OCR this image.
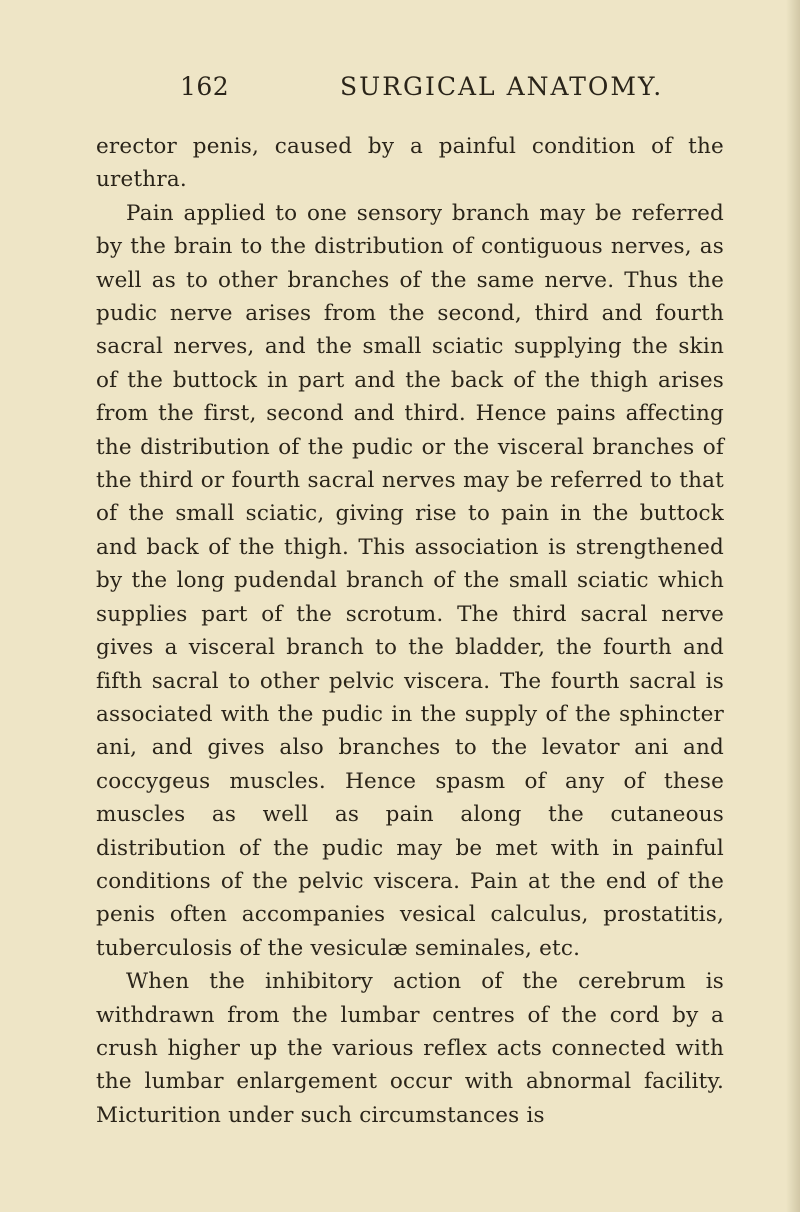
162	SURGICAL ANATOMY.

erector penis, caused by a painful condition of the urethra.

Pain applied to one sensory branch may be referred by the brain to the distribution of contiguous nerves, as well as to other branches of the same nerve. Thus the pudic nerve arises from the second, third and fourth sacral nerves, and the small sciatic supplying the skin of the buttock in part and the back of the thigh arises from the first, second and third. Hence pains affecting the distribution of the pudic or the visceral branches of the third or fourth sacral nerves may be referred to that of the small sciatic, giving rise to pain in the buttock and back of the thigh. This association is strengthened by the long pudendal branch of the small sciatic which supplies part of the scrotum. The third sacral nerve gives a visceral branch to the bladder, the fourth and fifth sacral to other pelvic viscera. The fourth sacral is associated with the pudic in the supply of the sphincter ani, and gives also branches to the levator ani and coccygeus muscles. Hence spasm of any of these muscles as well as pain along the cutaneous distribution of the pudic may be met with in painful conditions of the pelvic viscera. Pain at the end of the penis often accompanies vesical calculus, prostatitis, tuberculosis of the vesiculæ seminales, etc.

When the inhibitory action of the cerebrum is withdrawn from the lumbar centres of the cord by a crush higher up the various reflex acts connected with the lumbar enlargement occur with abnormal facility. Micturition under such circumstances is
